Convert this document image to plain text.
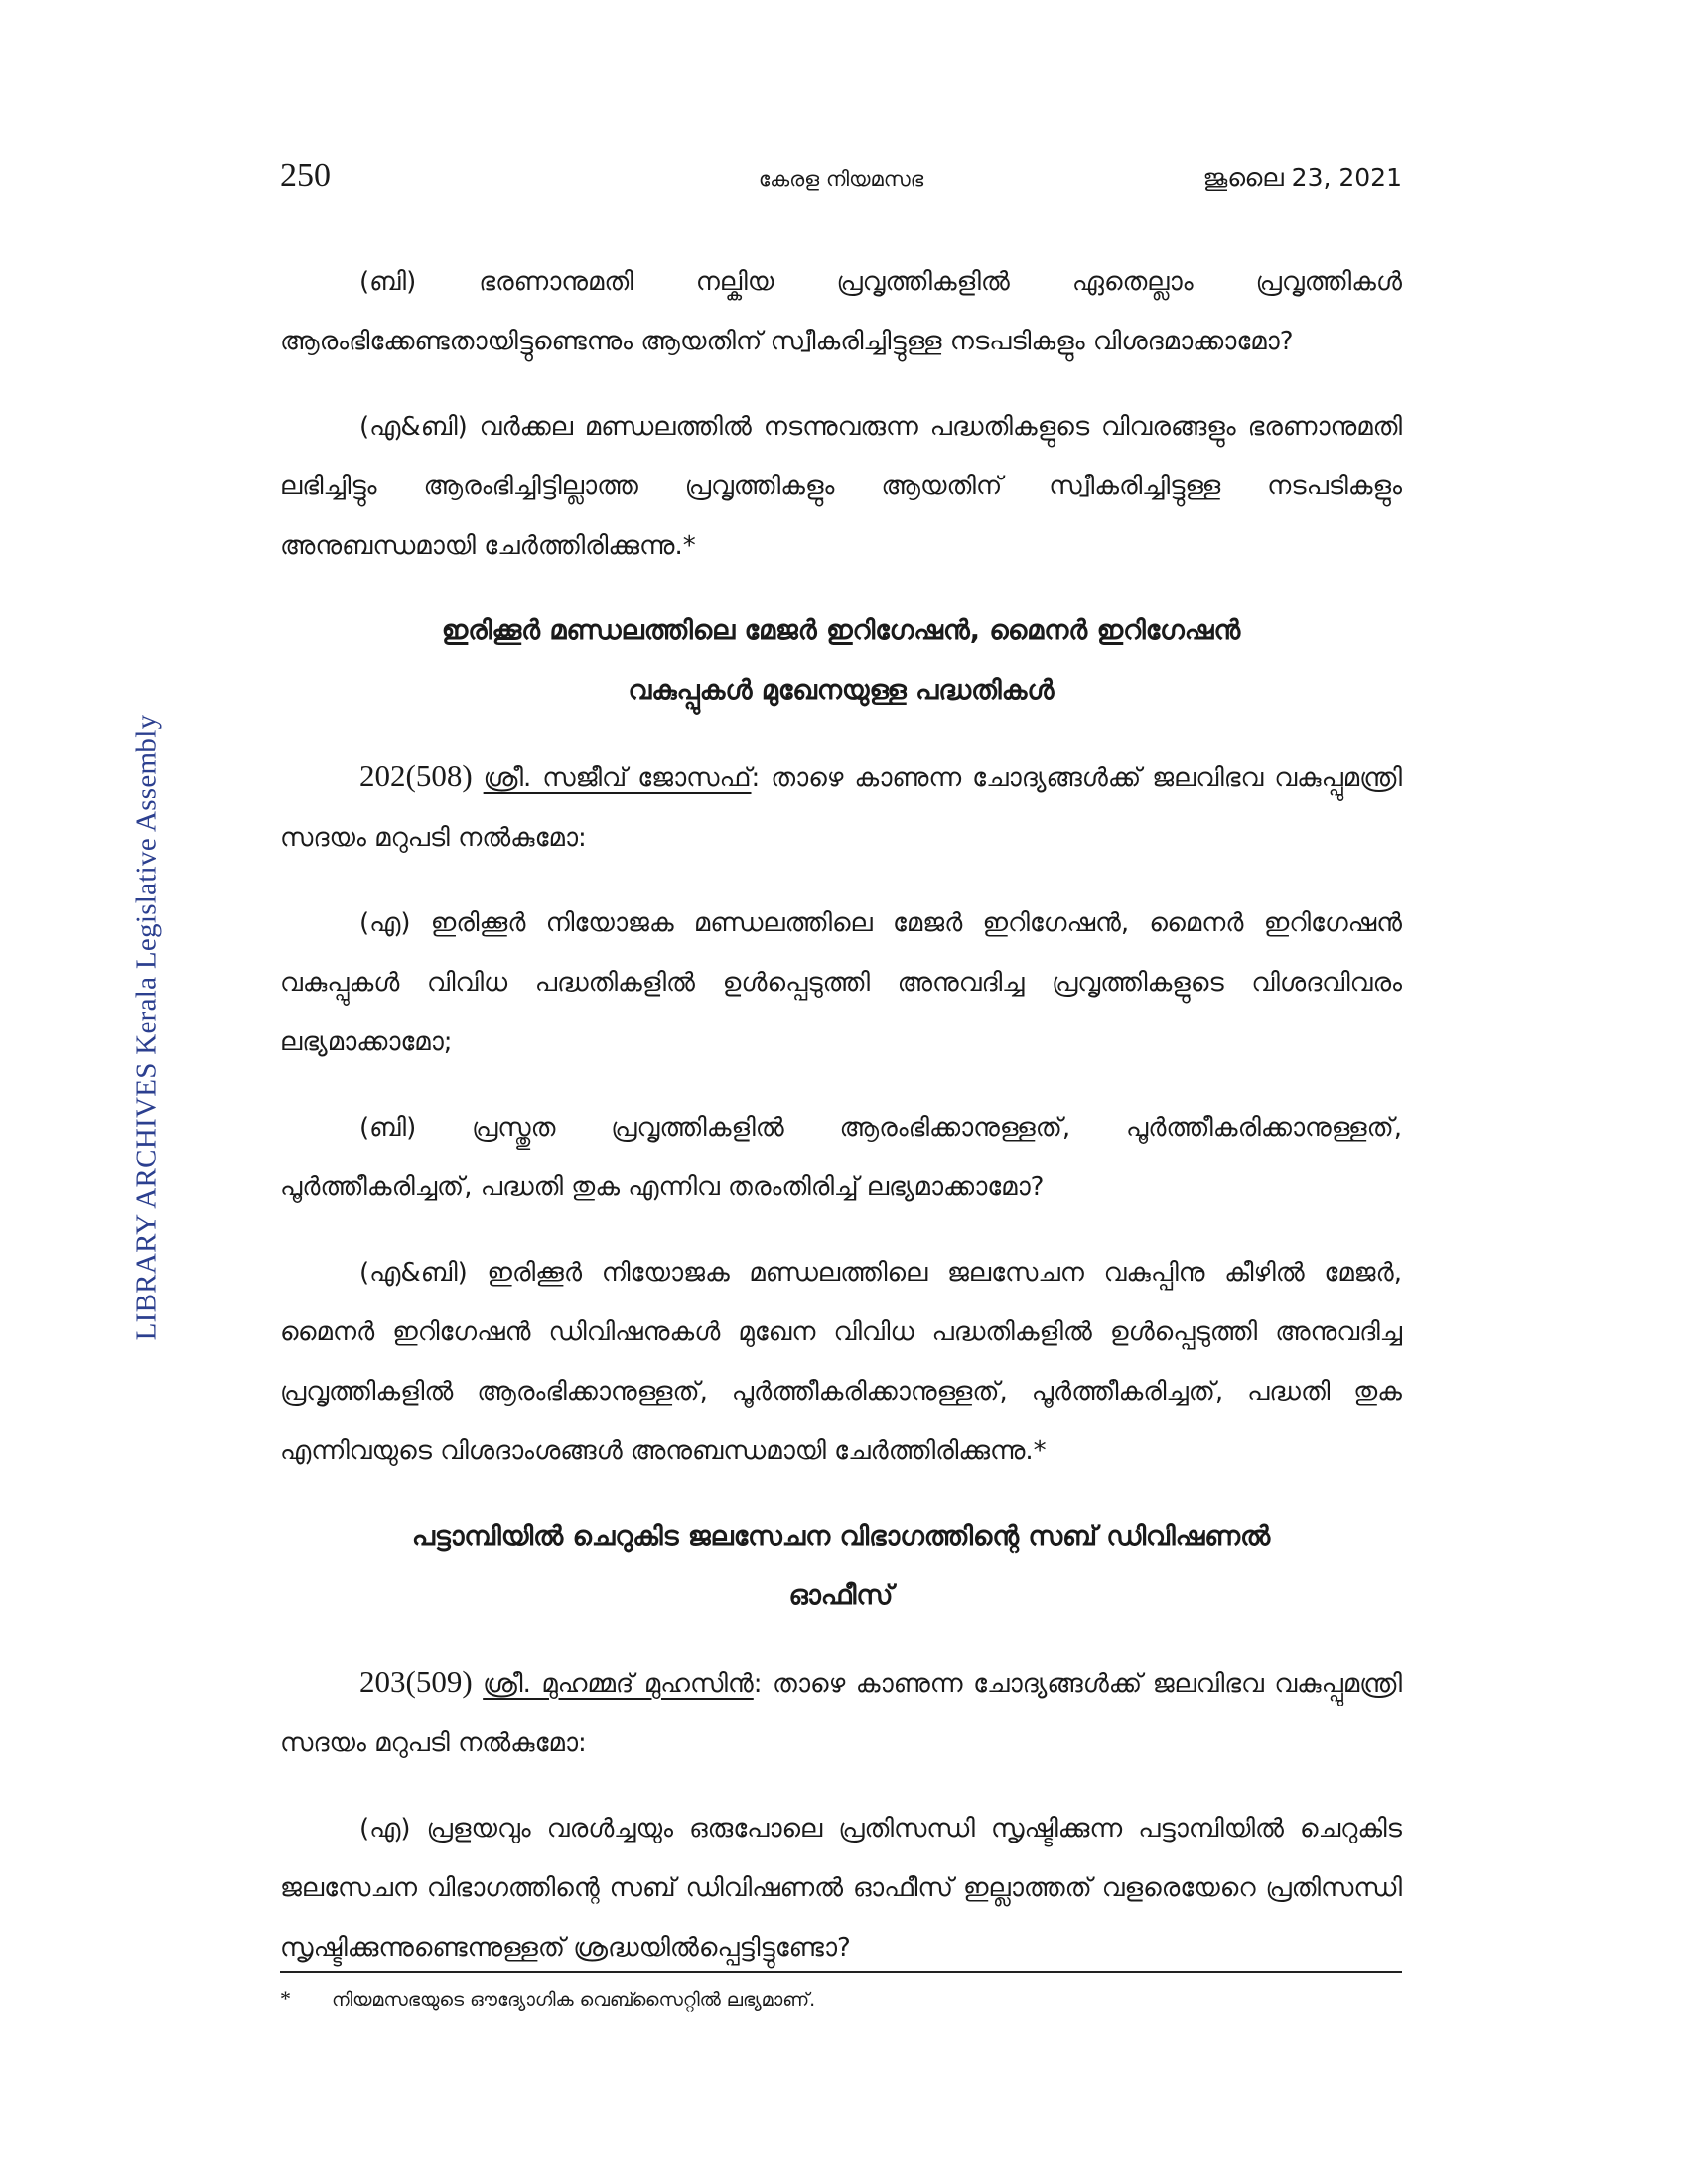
LIBRARY ARCHIVES Kerala Legislative Assembly
250	കേരള നിയമസഭ	ജൂലൈ 23, 2021

(ബി) ഭരണാനുമതി നല്കിയ പ്രവൃത്തികളിൽ ഏതെല്ലാം പ്രവൃത്തികൾ ആരംഭിക്കേണ്ടതായിട്ടുണ്ടെന്നും ആയതിന് സ്വീകരിച്ചിട്ടുള്ള നടപടികളും വിശദമാക്കാമോ?

(എ&ബി) വർക്കല മണ്ഡലത്തിൽ നടന്നുവരുന്ന പദ്ധതികളുടെ വിവരങ്ങളും ഭരണാനുമതി ലഭിച്ചിട്ടും ആരംഭിച്ചിട്ടില്ലാത്ത പ്രവൃത്തികളും ആയതിന് സ്വീകരിച്ചിട്ടുള്ള നടപടികളും അനുബന്ധമായി ചേർത്തിരിക്കുന്നു.*

ഇരിക്കൂർ മണ്ഡലത്തിലെ മേജർ ഇറിഗേഷൻ, മൈനർ ഇറിഗേഷൻ
വകുപ്പുകൾ മുഖേനയുള്ള പദ്ധതികൾ

202(508) ശ്രീ. സജീവ് ജോസഫ്: താഴെ കാണുന്ന ചോദ്യങ്ങൾക്ക് ജലവിഭവ വകുപ്പുമന്ത്രി സദയം മറുപടി നൽകുമോ:

(എ) ഇരിക്കൂർ നിയോജക മണ്ഡലത്തിലെ മേജർ ഇറിഗേഷൻ, മൈനർ ഇറിഗേഷൻ വകുപ്പുകൾ വിവിധ പദ്ധതികളിൽ ഉൾപ്പെടുത്തി അനുവദിച്ച പ്രവൃത്തികളുടെ വിശദവിവരം ലഭ്യമാക്കാമോ;

(ബി) പ്രസ്തുത പ്രവൃത്തികളിൽ ആരംഭിക്കാനുള്ളത്, പൂർത്തീകരിക്കാനുള്ളത്, പൂർത്തീകരിച്ചത്, പദ്ധതി തുക എന്നിവ തരംതിരിച്ച് ലഭ്യമാക്കാമോ?

(എ&ബി) ഇരിക്കൂർ നിയോജക മണ്ഡലത്തിലെ ജലസേചന വകുപ്പിനു കീഴിൽ മേജർ, മൈനർ ഇറിഗേഷൻ ഡിവിഷനുകൾ മുഖേന വിവിധ പദ്ധതികളിൽ ഉൾപ്പെടുത്തി അനുവദിച്ച പ്രവൃത്തികളിൽ ആരംഭിക്കാനുള്ളത്, പൂർത്തീകരിക്കാനുള്ളത്, പൂർത്തീകരിച്ചത്, പദ്ധതി തുക എന്നിവയുടെ വിശദാംശങ്ങൾ അനുബന്ധമായി ചേർത്തിരിക്കുന്നു.*

പട്ടാമ്പിയിൽ ചെറുകിട ജലസേചന വിഭാഗത്തിന്റെ സബ് ഡിവിഷണൽ
ഓഫീസ്

203(509) ശ്രീ. മുഹമ്മദ് മുഹസിൻ: താഴെ കാണുന്ന ചോദ്യങ്ങൾക്ക് ജലവിഭവ വകുപ്പുമന്ത്രി സദയം മറുപടി നൽകുമോ:

(എ) പ്രളയവും വരൾച്ചയും ഒരുപോലെ പ്രതിസന്ധി സൃഷ്ടിക്കുന്ന പട്ടാമ്പിയിൽ ചെറുകിട ജലസേചന വിഭാഗത്തിന്റെ സബ് ഡിവിഷണൽ ഓഫീസ് ഇല്ലാത്തത് വളരെയേറെ പ്രതിസന്ധി സൃഷ്ടിക്കുന്നുണ്ടെന്നുള്ളത് ശ്രദ്ധയിൽപ്പെട്ടിട്ടുണ്ടോ?

* നിയമസഭയുടെ ഔദ്യോഗിക വെബ്സൈറ്റിൽ ലഭ്യമാണ്.
